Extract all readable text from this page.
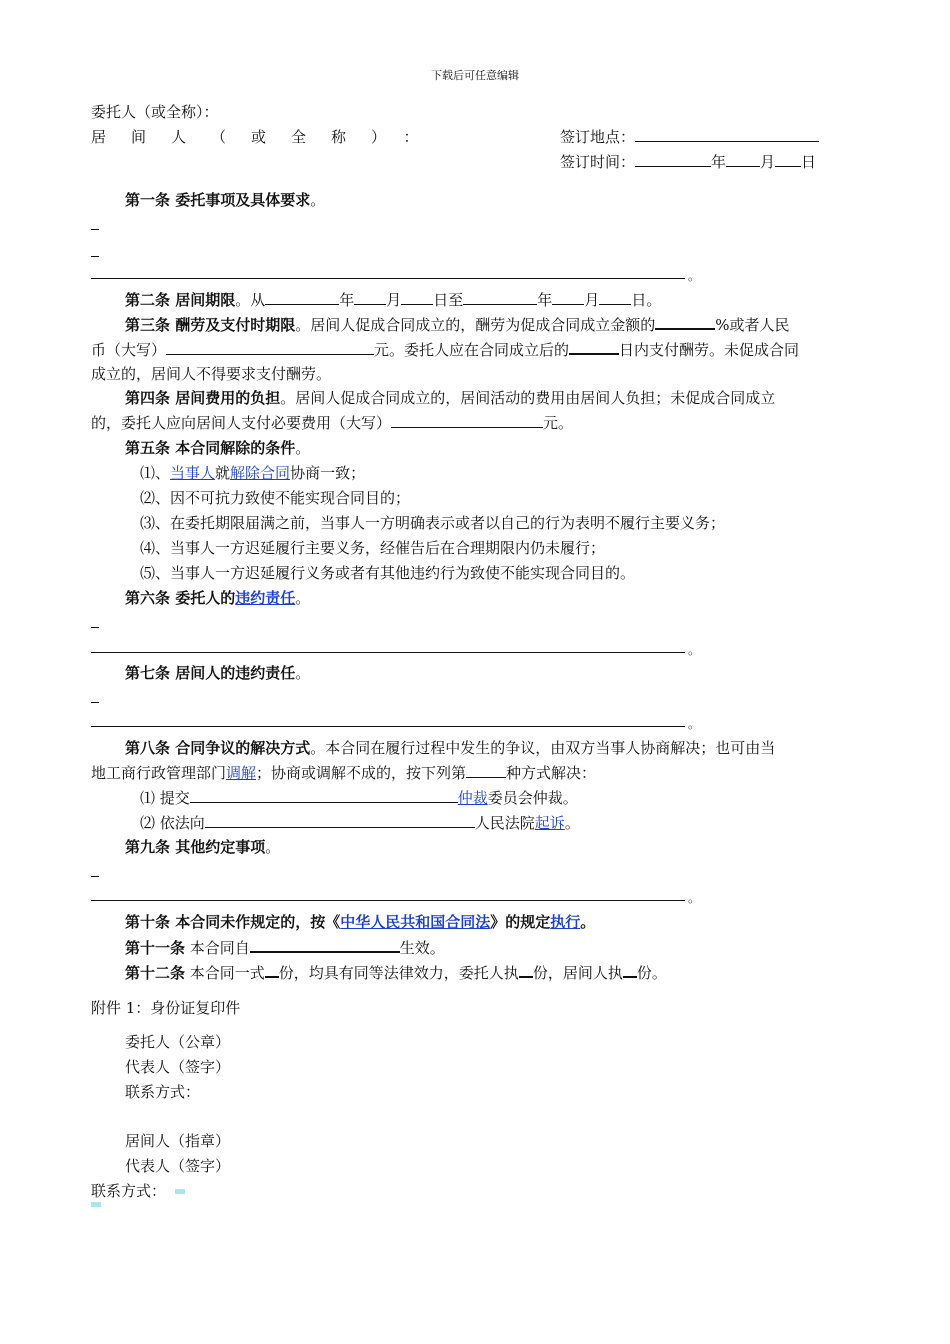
下载后可任意编辑
委托人（或全称）：
居间人（或全称）：	签订地点：
签订时间：	年 月 日
第一条 委托事项及具体要求。
。
第二条 居间期限。从	年 月 日至	年 月 日。
第三条 酬劳及支付时期限。居间人促成合同成立的，酬劳为促成合同成立金额的	%或者人民
币（大写）	元。委托人应在合同成立后的	日内支付酬劳。未促成合同
成立的，居间人不得要求支付酬劳。
第四条 居间费用的负担。居间人促成合同成立的，居间活动的费用由居间人负担；未促成合同成立
的，委托人应向居间人支付必要费用（大写）	元。
第五条 本合同解除的条件。
⑴、当事人就解除合同协商一致；
⑵、因不可抗力致使不能实现合同目的；
⑶、在委托期限届满之前，当事人一方明确表示或者以自己的行为表明不履行主要义务；
⑷、当事人一方迟延履行主要义务，经催告后在合理期限内仍未履行；
⑸、当事人一方迟延履行义务或者有其他违约行为致使不能实现合同目的。
第六条 委托人的违约责任。
。
第七条 居间人的违约责任。
。
第八条 合同争议的解决方式。本合同在履行过程中发生的争议，由双方当事人协商解决；也可由当
地工商行政管理部门调解；协商或调解不成的，按下列第	种方式解决：
⑴ 提交	仲裁委员会仲裁。
⑵ 依法向	人民法院起诉。
第九条 其他约定事项。
。
第十条 本合同未作规定的，按《中华人民共和国合同法》的规定执行。
第十一条 本合同自	生效。
第十二条 本合同一式 份，均具有同等法律效力，委托人执 份，居间人执 份。
附件 1：身份证复印件
委托人（公章）
代表人（签字）
联系方式：
居间人（指章）
代表人（签字）
联系方式：
